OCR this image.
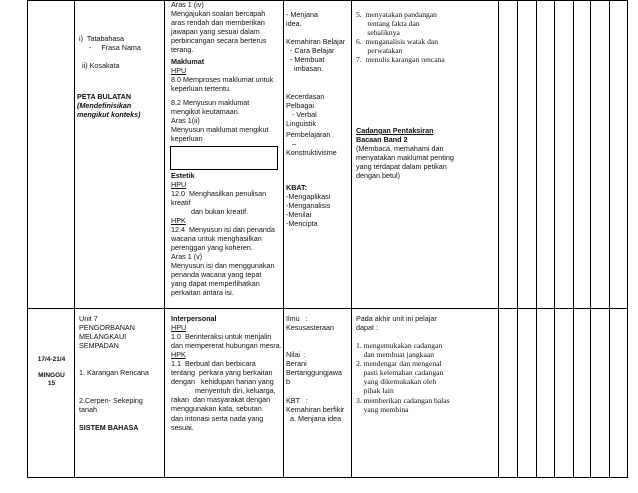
i)  Tatabahasa
-     Frasa Nama
ii) Kosakata
PETA BULATAN
(Mendefinisikan
mengikut konteks)
Aras 1 (iv)
Mengajukan soalan bercapah
aras rendah dan memberikan
jawapan yang sesuai dalam
perbincangan secara berterus
terang.
Maklumat
HPU
8.0 Memproses maklumat untuk
keperluan tertentu.
8.2 Menyusun maklumat
mengikut keutamaan.
Aras 1(ii)
Menyusun maklumat mengikut
keperluan
Estetik
HPU
12.0  Menghasilkan penulisan
kreatif
dan bukan kreatif.
HPK
12.4  Menyusun isi dan penanda
wacana untuk menghasilkan
perenggan yang koheren.
Aras 1 (v)
Menyusun isi dan menggunakan
penanda wacana yang tepat
yang dapat memperlihatkan
perkaitan antara isi.
- Menjana
idea.
Kemahiran Belajar
- Cara Belajar
- Membuat
imbasan.
Kecerdasan
Pelbagai
- Verbal
Linguistik
Pembelajaran
–
Konstruktivisme
KBAT:
-Mengaplikasi
-Menganalisis
-Menilai
-Mencipta
5.  menyatakan pandangan
tentang fakta dan
sebaliknya
6.  menganalisis watak dan
perwatakan
7.  menulis karangan rencana
Cadangan Pentaksiran
Bacaan Band 2
(Membaca, memahami dan
menyatakan maklumat penting
yang terdapat dalam petikan
dengan betul)
17/4-21/4
MINGGU
15
Unit 7
PENGORBANAN
MELANGKAUI
SEMPADAN
1. Karangan Rencana
2.Cerpen- Sekeping
tanah
SISTEM BAHASA
Interpersonal
HPU
1.0  Berinteraksi untuk menjalin
dan mempererat hubungan mesra.
HPK
1.1  Berbual dan berbicara
tentang  perkara yang berkaitan
dengan   kehidupan harian yang
menyentuh diri, keluarga,
rakan  dan masyarakat dengan
menggunakan kata, sebutan
dan intonasi serta nada yang
sesuai.
Ilmu   :
Kesusasteraan
Nilai  :
Berani
Bertanggungjawa
b
KBT   :
Kemahiran berfikir
a. Menjana idea
Pada akhir unit ini pelajar
dapat :
1. mengemukakan cadangan
dan membuat jangkaan
2. mendengar dan mengenal
pasti kelemahan cadangan
yang dikemukakan oleh
pihak lain
3. memberikan cadangan balas
yang membina
